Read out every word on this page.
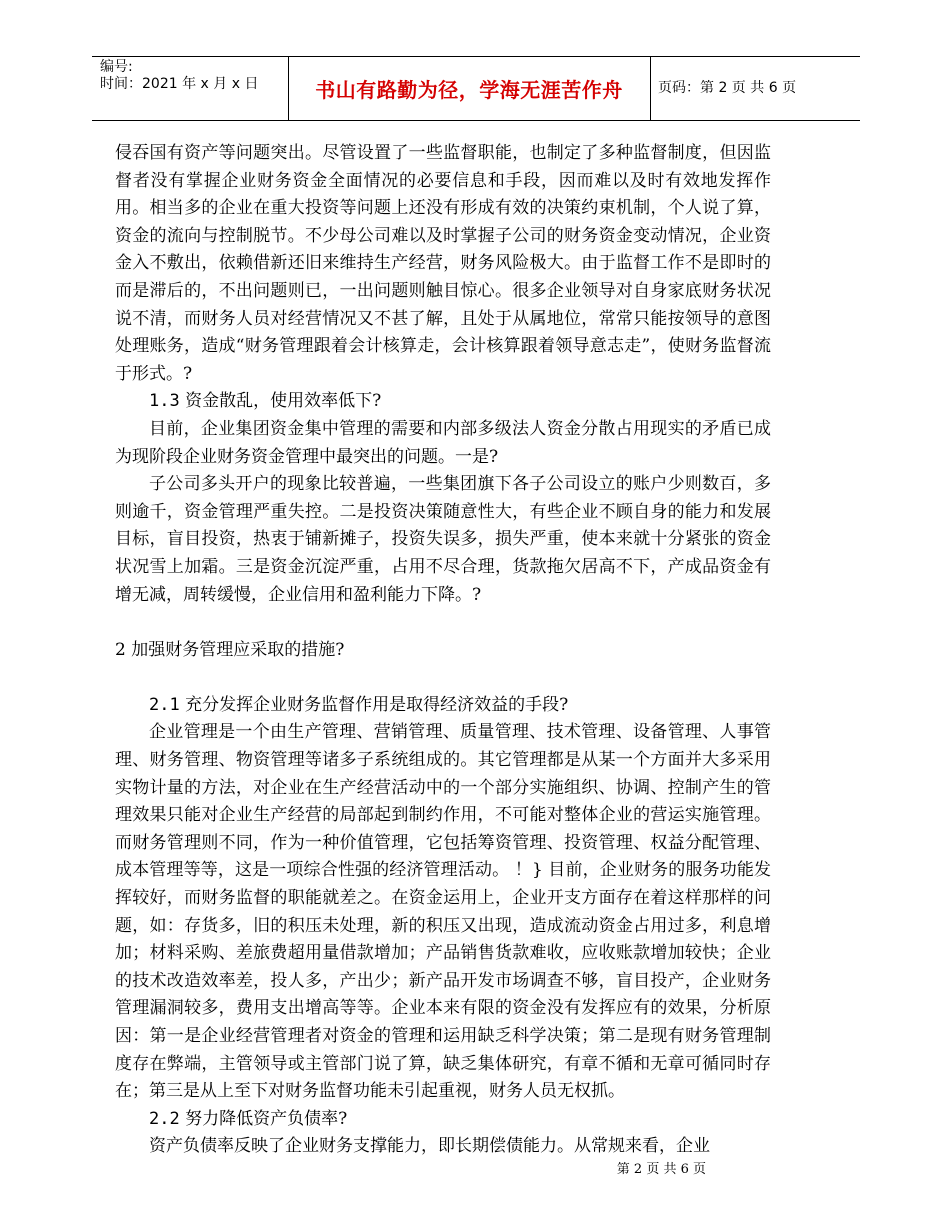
编号:
时间：2021 年 x 月 x 日	书山有路勤为径，学海无涯苦作舟	页码：第 2 页 共 6 页

侵吞国有资产等问题突出。尽管设置了一些监督职能，也制定了多种监督制度，但因监督者没有掌握企业财务资金全面情况的必要信息和手段，因而难以及时有效地发挥作用。相当多的企业在重大投资等问题上还没有形成有效的决策约束机制，个人说了算，资金的流向与控制脱节。不少母公司难以及时掌握子公司的财务资金变动情况，企业资金入不敷出，依赖借新还旧来维持生产经营，财务风险极大。由于监督工作不是即时的而是滞后的，不出问题则已，一出问题则触目惊心。很多企业领导对自身家底财务状况说不清，而财务人员对经营情况又不甚了解，且处于从属地位，常常只能按领导的意图处理账务，造成“财务管理跟着会计核算走，会计核算跟着领导意志走”，使财务监督流于形式。?

1.3 资金散乱，使用效率低下?

目前，企业集团资金集中管理的需要和内部多级法人资金分散占用现实的矛盾已成为现阶段企业财务资金管理中最突出的问题。一是?

子公司多头开户的现象比较普遍，一些集团旗下各子公司设立的账户少则数百，多则逾千，资金管理严重失控。二是投资决策随意性大，有些企业不顾自身的能力和发展目标，盲目投资，热衷于铺新摊子，投资失误多，损失严重，使本来就十分紧张的资金状况雪上加霜。三是资金沉淀严重，占用不尽合理，货款拖欠居高不下，产成品资金有增无减，周转缓慢，企业信用和盈利能力下降。?

2 加强财务管理应采取的措施?

2.1 充分发挥企业财务监督作用是取得经济效益的手段?

企业管理是一个由生产管理、营销管理、质量管理、技术管理、设备管理、人事管理、财务管理、物资管理等诸多子系统组成的。其它管理都是从某一个方面并大多采用实物计量的方法，对企业在生产经营活动中的一个部分实施组织、协调、控制产生的管理效果只能对企业生产经营的局部起到制约作用，不可能对整体企业的营运实施管理。而财务管理则不同，作为一种价值管理，它包括筹资管理、投资管理、权益分配管理、成本管理等等，这是一项综合性强的经济管理活动。 ！} 目前，企业财务的服务功能发挥较好，而财务监督的职能就差之。在资金运用上，企业开支方面存在着这样那样的问题，如：存货多，旧的积压未处理，新的积压又出现，造成流动资金占用过多，利息增加；材料采购、差旅费超用量借款增加；产品销售货款难收，应收账款增加较快；企业的技术改造效率差，投人多，产出少；新产品开发市场调查不够，盲目投产，企业财务管理漏洞较多，费用支出增高等等。企业本来有限的资金没有发挥应有的效果，分析原因：第一是企业经营管理者对资金的管理和运用缺乏科学决策；第二是现有财务管理制度存在弊端，主管领导或主管部门说了算，缺乏集体研究，有章不循和无章可循同时存在；第三是从上至下对财务监督功能未引起重视，财务人员无权抓。

2.2 努力降低资产负债率?

资产负债率反映了企业财务支撑能力，即长期偿债能力。从常规来看，企业

第 2 页 共 6 页
